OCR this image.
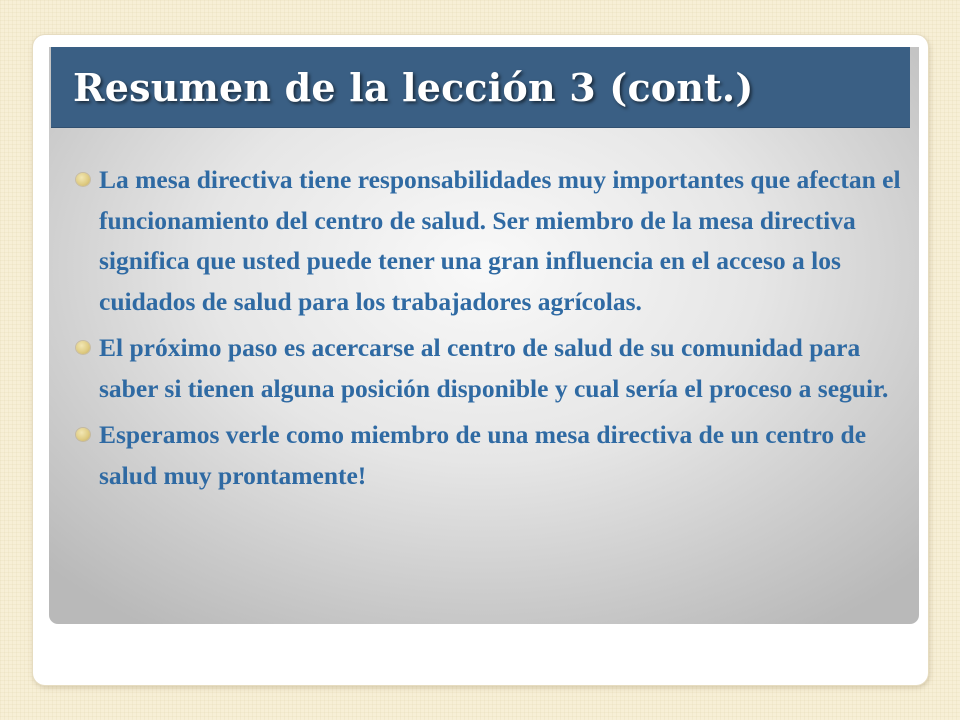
Resumen de la lección 3 (cont.)
La mesa directiva tiene responsabilidades muy importantes que afectan el funcionamiento del centro de salud. Ser miembro de la mesa directiva significa que usted puede tener una gran influencia en el acceso a los cuidados de salud para los trabajadores agrícolas.
El próximo paso es acercarse al centro de salud de su comunidad para saber si tienen alguna posición disponible y cual sería el proceso a seguir.
Esperamos verle como miembro de una mesa directiva de un centro de salud muy prontamente!
